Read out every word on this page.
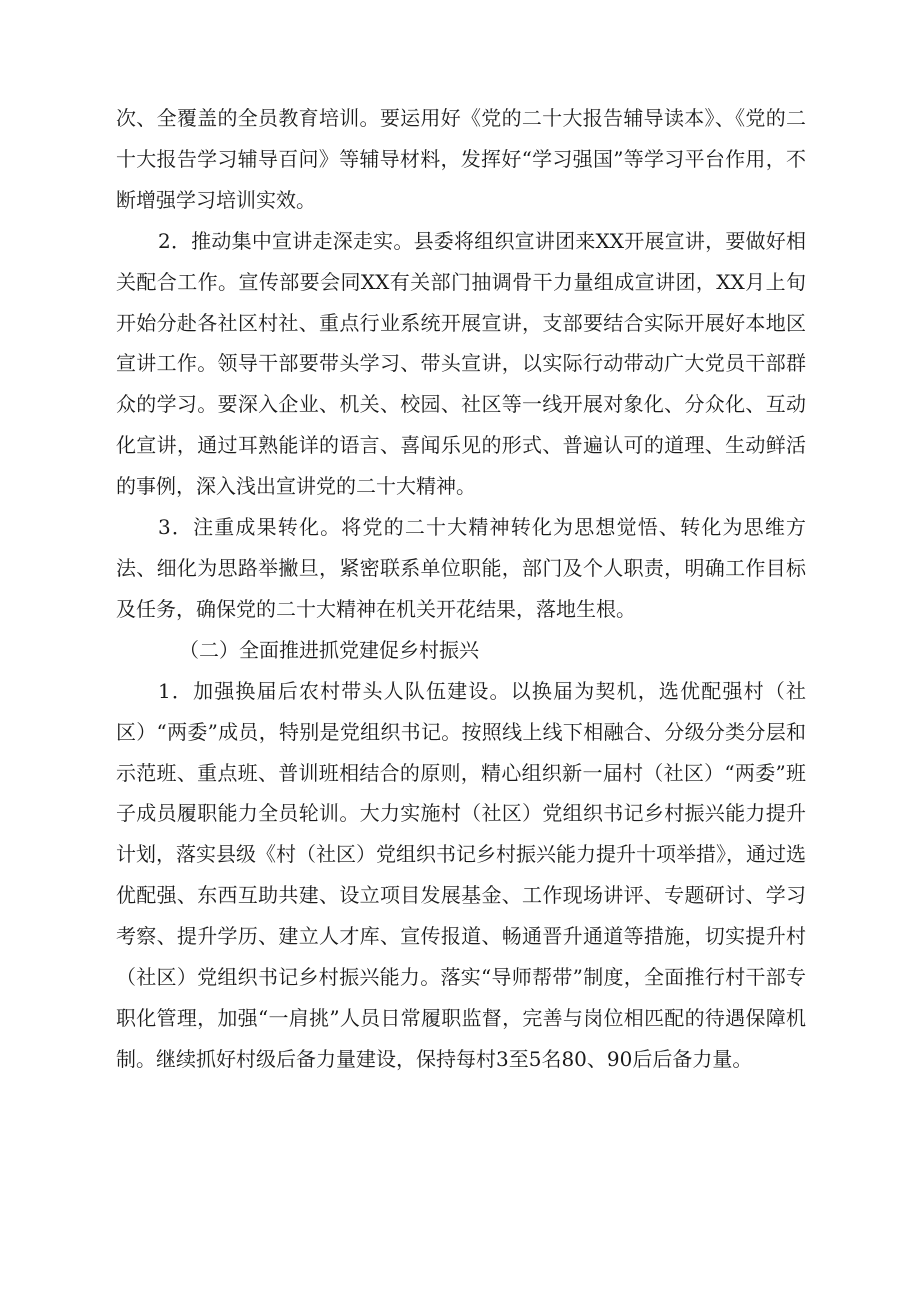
次、全覆盖的全员教育培训。要运用好《党的二十大报告辅导读本》、《党的二十大报告学习辅导百问》等辅导材料，发挥好“学习强国”等学习平台作用，不断增强学习培训实效。

2．推动集中宣讲走深走实。县委将组织宣讲团来XX开展宣讲，要做好相关配合工作。宣传部要会同XX有关部门抽调骨干力量组成宣讲团，XX月上旬开始分赴各社区村社、重点行业系统开展宣讲，支部要结合实际开展好本地区宣讲工作。领导干部要带头学习、带头宣讲，以实际行动带动广大党员干部群众的学习。要深入企业、机关、校园、社区等一线开展对象化、分众化、互动化宣讲，通过耳熟能详的语言、喜闻乐见的形式、普遍认可的道理、生动鲜活的事例，深入浅出宣讲党的二十大精神。

3．注重成果转化。将党的二十大精神转化为思想觉悟、转化为思维方法、细化为思路举撇旦，紧密联系单位职能，部门及个人职责，明确工作目标及任务，确保党的二十大精神在机关开花结果，落地生根。

（二）全面推进抓党建促乡村振兴

1．加强换届后农村带头人队伍建设。以换届为契机，选优配强村（社区）“两委”成员，特别是党组织书记。按照线上线下相融合、分级分类分层和示范班、重点班、普训班相结合的原则，精心组织新一届村（社区）“两委”班子成员履职能力全员轮训。大力实施村（社区）党组织书记乡村振兴能力提升计划，落实县级《村（社区）党组织书记乡村振兴能力提升十项举措》，通过选优配强、东西互助共建、设立项目发展基金、工作现场讲评、专题研讨、学习考察、提升学历、建立人才库、宣传报道、畅通晋升通道等措施，切实提升村（社区）党组织书记乡村振兴能力。落实“导师帮带”制度，全面推行村干部专职化管理，加强“一肩挑”人员日常履职监督，完善与岗位相匹配的待遇保障机制。继续抓好村级后备力量建设，保持每村3至5名80、90后后备力量。
